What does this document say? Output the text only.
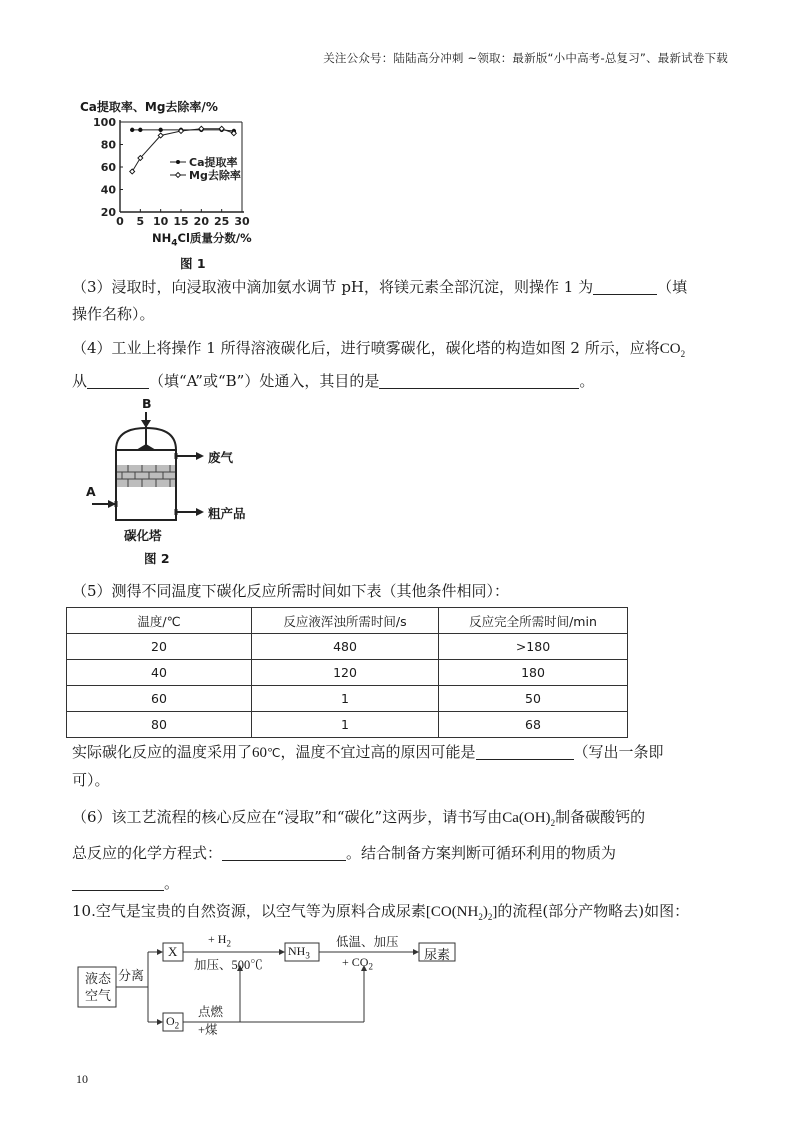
关注公众号：陆陆高分冲刺 ~领取：最新版“小中高考-总复习”、最新试卷下载
Ca提取率、Mg去除率/%
20
40
60
80
100
0 5 10 15 20 25 30
Ca提取率
Mg去除率
$NH_4Cl$质量分数/%
图 1
（3）浸取时，向浸取液中滴加氨水调节 pH，将镁元素全部沉淀，则操作 1 为	（填
操作名称）。
（4）工业上将操作 1 所得溶液碳化后，进行喷雾碳化，碳化塔的构造如图 2 所示，应将$CO_2$
从	（填“A”或“B”）处通入，其目的是	。
B
A
废气
粗产品
碳化塔
图 2
（5）测得不同温度下碳化反应所需时间如下表（其他条件相同）：
温度/℃	反应液浑浊所需时间/s	反应完全所需时间/min
20	480	>180
40	120	180
60	1	50
80	1	68
实际碳化反应的温度采用了60℃，温度不宜过高的原因可能是	（写出一条即
可）。
（6）该工艺流程的核心反应在“浸取”和“碳化”这两步，请书写由$Ca(OH)_2$制备碳酸钙的
总反应的化学方程式：	。结合制备方案判断可循环利用的物质为
。
10.空气是宝贵的自然资源，以空气等为原料合成尿素$[CO(NH_2)_2]$的流程(部分产物略去)如图：
液态
空气
分离
X
+ $H_2$
加压、500℃
$NH_3$
低温、加压
+ $CO_2$
尿素
$O_2$
点燃
+煤
10
